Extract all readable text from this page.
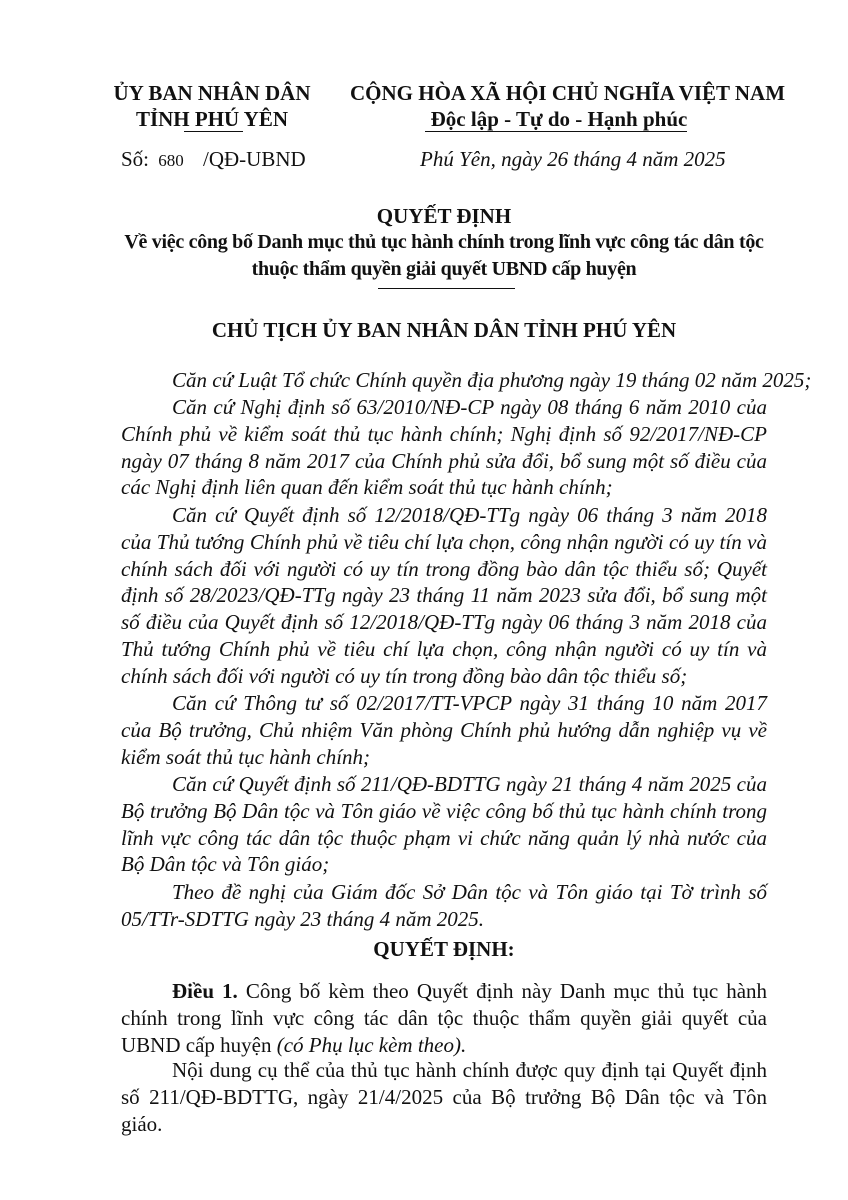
ỦY BAN NHÂN DÂN
TỈNH PHÚ YÊN
CỘNG HÒA XÃ HỘI CHỦ NGHĨA VIỆT NAM
Độc lập - Tự do - Hạnh phúc
Số: 680 /QĐ-UBND	Phú Yên, ngày 26 tháng 4 năm 2025
QUYẾT ĐỊNH
Về việc công bố Danh mục thủ tục hành chính trong lĩnh vực công tác dân tộc
thuộc thẩm quyền giải quyết UBND cấp huyện
CHỦ TỊCH ỦY BAN NHÂN DÂN TỈNH PHÚ YÊN
Căn cứ Luật Tổ chức Chính quyền địa phương ngày 19 tháng 02 năm 2025;
Căn cứ Nghị định số 63/2010/NĐ-CP ngày 08 tháng 6 năm 2010 của Chính phủ về kiểm soát thủ tục hành chính; Nghị định số 92/2017/NĐ-CP ngày 07 tháng 8 năm 2017 của Chính phủ sửa đổi, bổ sung một số điều của các Nghị định liên quan đến kiểm soát thủ tục hành chính;
Căn cứ Quyết định số 12/2018/QĐ-TTg ngày 06 tháng 3 năm 2018 của Thủ tướng Chính phủ về tiêu chí lựa chọn, công nhận người có uy tín và chính sách đối với người có uy tín trong đồng bào dân tộc thiểu số; Quyết định số 28/2023/QĐ-TTg ngày 23 tháng 11 năm 2023 sửa đổi, bổ sung một số điều của Quyết định số 12/2018/QĐ-TTg ngày 06 tháng 3 năm 2018 của Thủ tướng Chính phủ về tiêu chí lựa chọn, công nhận người có uy tín và chính sách đối với người có uy tín trong đồng bào dân tộc thiểu số;
Căn cứ Thông tư số 02/2017/TT-VPCP ngày 31 tháng 10 năm 2017 của Bộ trưởng, Chủ nhiệm Văn phòng Chính phủ hướng dẫn nghiệp vụ về kiểm soát thủ tục hành chính;
Căn cứ Quyết định số 211/QĐ-BDTTG ngày 21 tháng 4 năm 2025 của Bộ trưởng Bộ Dân tộc và Tôn giáo về việc công bố thủ tục hành chính trong lĩnh vực công tác dân tộc thuộc phạm vi chức năng quản lý nhà nước của Bộ Dân tộc và Tôn giáo;
Theo đề nghị của Giám đốc Sở Dân tộc và Tôn giáo tại Tờ trình số 05/TTr-SDTTG ngày 23 tháng 4 năm 2025.
QUYẾT ĐỊNH:
Điều 1. Công bố kèm theo Quyết định này Danh mục thủ tục hành chính trong lĩnh vực công tác dân tộc thuộc thẩm quyền giải quyết của UBND cấp huyện (có Phụ lục kèm theo).
Nội dung cụ thể của thủ tục hành chính được quy định tại Quyết định số 211/QĐ-BDTTG, ngày 21/4/2025 của Bộ trưởng Bộ Dân tộc và Tôn giáo.
